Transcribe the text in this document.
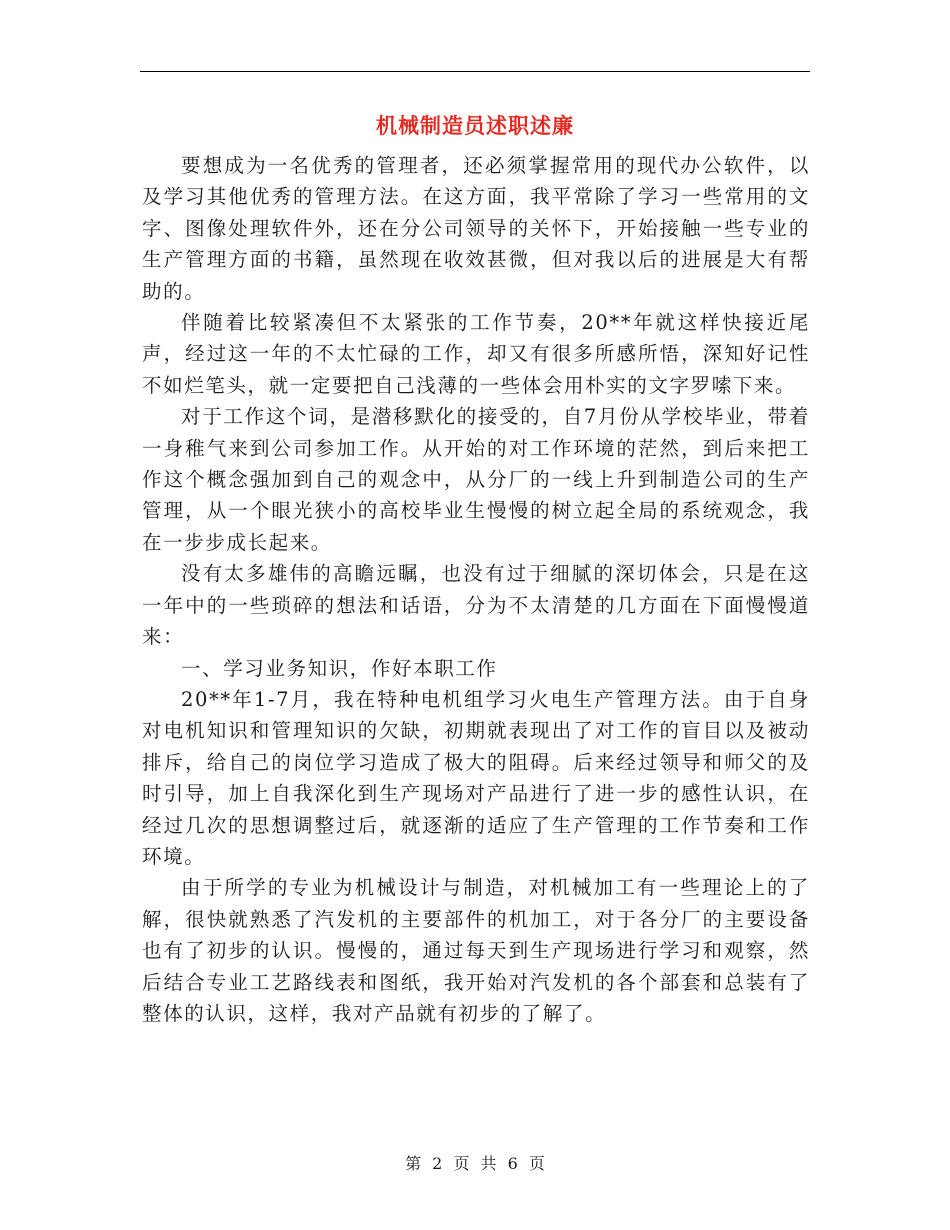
机械制造员述职述廉

要想成为一名优秀的管理者，还必须掌握常用的现代办公软件，以及学习其他优秀的管理方法。在这方面，我平常除了学习一些常用的文字、图像处理软件外，还在分公司领导的关怀下，开始接触一些专业的生产管理方面的书籍，虽然现在收效甚微，但对我以后的进展是大有帮助的。

伴随着比较紧凑但不太紧张的工作节奏，20**年就这样快接近尾声，经过这一年的不太忙碌的工作，却又有很多所感所悟，深知好记性不如烂笔头，就一定要把自己浅薄的一些体会用朴实的文字罗嗦下来。

对于工作这个词，是潜移默化的接受的，自7月份从学校毕业，带着一身稚气来到公司参加工作。从开始的对工作环境的茫然，到后来把工作这个概念强加到自己的观念中，从分厂的一线上升到制造公司的生产管理，从一个眼光狭小的高校毕业生慢慢的树立起全局的系统观念，我在一步步成长起来。

没有太多雄伟的高瞻远瞩，也没有过于细腻的深切体会，只是在这一年中的一些琐碎的想法和话语，分为不太清楚的几方面在下面慢慢道来：

一、学习业务知识，作好本职工作

20**年1-7月，我在特种电机组学习火电生产管理方法。由于自身对电机知识和管理知识的欠缺，初期就表现出了对工作的盲目以及被动排斥，给自己的岗位学习造成了极大的阻碍。后来经过领导和师父的及时引导，加上自我深化到生产现场对产品进行了进一步的感性认识，在经过几次的思想调整过后，就逐渐的适应了生产管理的工作节奏和工作环境。

由于所学的专业为机械设计与制造，对机械加工有一些理论上的了解，很快就熟悉了汽发机的主要部件的机加工，对于各分厂的主要设备也有了初步的认识。慢慢的，通过每天到生产现场进行学习和观察，然后结合专业工艺路线表和图纸，我开始对汽发机的各个部套和总装有了整体的认识，这样，我对产品就有初步的了解了。

第 2 页 共 6 页
